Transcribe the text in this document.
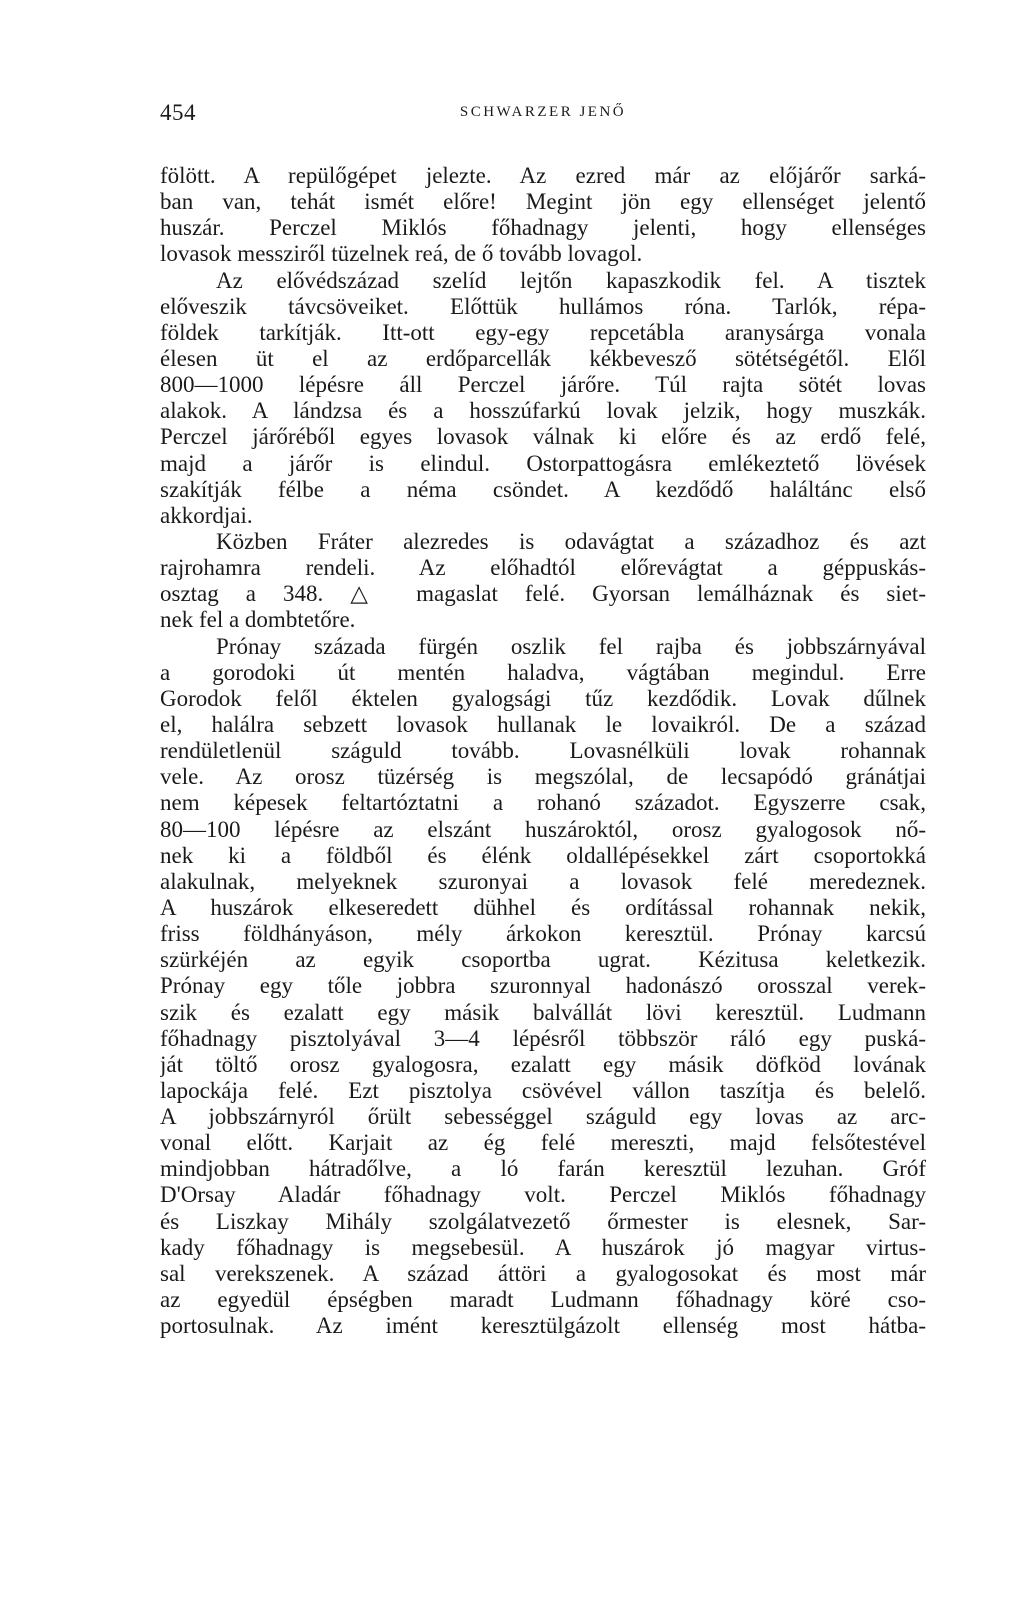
454	SCHWARZER JENŐ
fölött. A repülőgépet jelezte. Az ezred már az előjárőr sarká-
ban van, tehát ismét előre! Megint jön egy ellenséget jelentő
huszár. Perczel Miklós főhadnagy jelenti, hogy ellenséges
lovasok messziről tüzelnek reá, de ő tovább lovagol.
Az elővédszázad szelíd lejtőn kapaszkodik fel. A tisztek
előveszik távcsöveiket. Előttük hullámos róna. Tarlók, répa-
földek tarkítják. Itt-ott egy-egy repcetábla aranysárga vonala
élesen üt el az erdőparcellák kékbevesző sötétségétől. Elől
800—1000 lépésre áll Perczel járőre. Túl rajta sötét lovas
alakok. A lándzsa és a hosszúfarkú lovak jelzik, hogy muszkák.
Perczel járőréből egyes lovasok válnak ki előre és az erdő felé,
majd a járőr is elindul. Ostorpattogásra emlékeztető lövések
szakítják félbe a néma csöndet. A kezdődő haláltánc első
akkordjai.
Közben Fráter alezredes is odavágtat a századhoz és azt
rajrohamra rendeli. Az előhadtól előrevágtat a géppuskás-
osztag a 348. △ magaslat felé. Gyorsan lemálháznak és siet-
nek fel a dombtetőre.
Prónay százada fürgén oszlik fel rajba és jobbszárnyával
a gorodoki út mentén haladva, vágtában megindul. Erre
Gorodok felől éktelen gyalogsági tűz kezdődik. Lovak dűlnek
el, halálra sebzett lovasok hullanak le lovaikról. De a század
rendületlenül száguld tovább. Lovasnélküli lovak rohannak
vele. Az orosz tüzérség is megszólal, de lecsapódó gránátjai
nem képesek feltartóztatni a rohanó századot. Egyszerre csak,
80—100 lépésre az elszánt huszároktól, orosz gyalogosok nő-
nek ki a földből és élénk oldallépésekkel zárt csoportokká
alakulnak, melyeknek szuronyai a lovasok felé meredeznek.
A huszárok elkeseredett dühhel és ordítással rohannak nekik,
friss földhányáson, mély árkokon keresztül. Prónay karcsú
szürkéjén az egyik csoportba ugrat. Kézitusa keletkezik.
Prónay egy tőle jobbra szuronnyal hadonászó orosszal verek-
szik és ezalatt egy másik balvállát lövi keresztül. Ludmann
főhadnagy pisztolyával 3—4 lépésről többször ráló egy puská-
ját töltő orosz gyalogosra, ezalatt egy másik döfköd lovának
lapockája felé. Ezt pisztolya csövével vállon taszítja és belelő.
A jobbszárnyról őrült sebességgel száguld egy lovas az arc-
vonal előtt. Karjait az ég felé mereszti, majd felsőtestével
mindjobban hátradőlve, a ló farán keresztül lezuhan. Gróf
D'Orsay Aladár főhadnagy volt. Perczel Miklós főhadnagy
és Liszkay Mihály szolgálatvezető őrmester is elesnek, Sar-
kady főhadnagy is megsebesül. A huszárok jó magyar virtus-
sal verekszenek. A század áttöri a gyalogosokat és most már
az egyedül épségben maradt Ludmann főhadnagy köré cso-
portosulnak. Az imént keresztülgázolt ellenség most hátba-
